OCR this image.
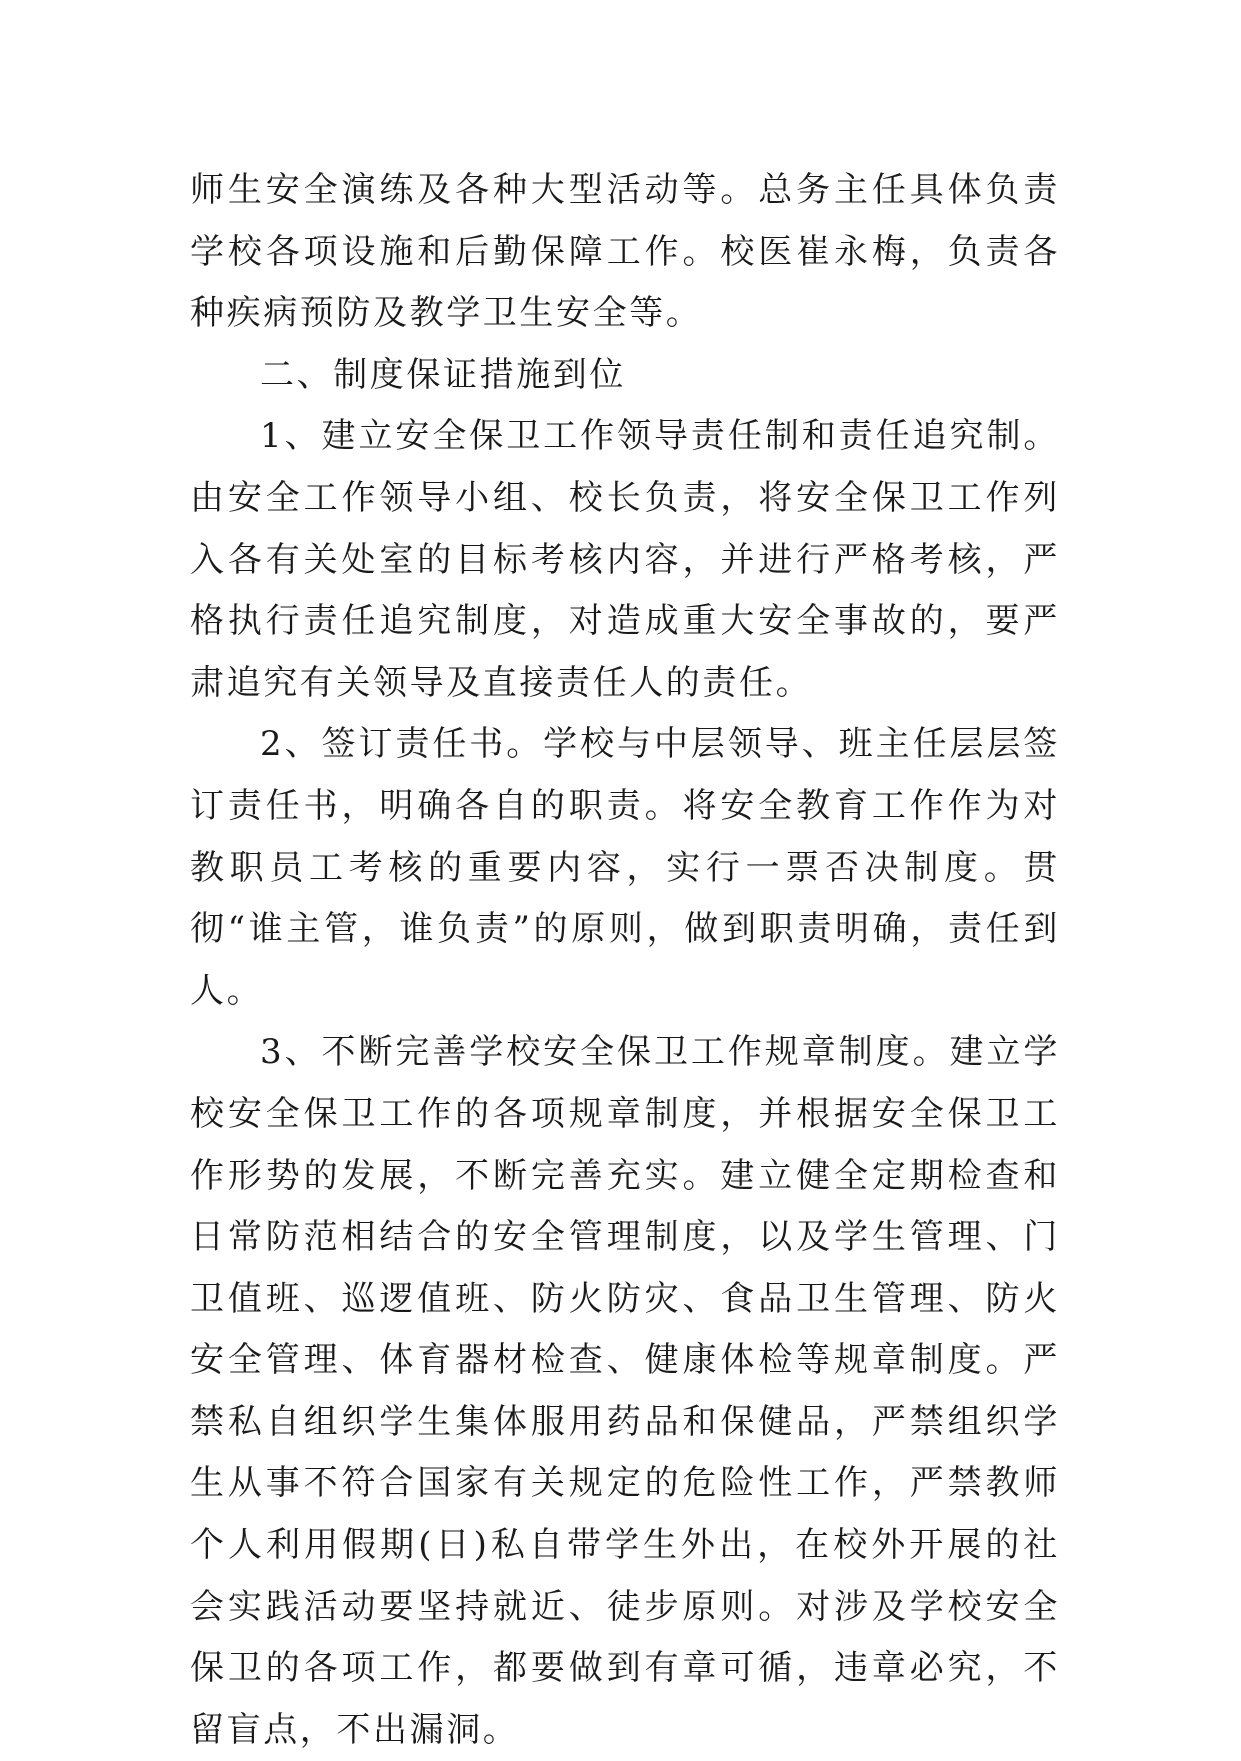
师生安全演练及各种大型活动等。总务主任具体负责学校各项设施和后勤保障工作。校医崔永梅，负责各种疾病预防及教学卫生安全等。

二、制度保证措施到位

1、建立安全保卫工作领导责任制和责任追究制。由安全工作领导小组、校长负责，将安全保卫工作列入各有关处室的目标考核内容，并进行严格考核，严格执行责任追究制度，对造成重大安全事故的，要严肃追究有关领导及直接责任人的责任。

2、签订责任书。学校与中层领导、班主任层层签订责任书，明确各自的职责。将安全教育工作作为对教职员工考核的重要内容，实行一票否决制度。贯彻“谁主管，谁负责”的原则，做到职责明确，责任到人。

3、不断完善学校安全保卫工作规章制度。建立学校安全保卫工作的各项规章制度，并根据安全保卫工作形势的发展，不断完善充实。建立健全定期检查和日常防范相结合的安全管理制度，以及学生管理、门卫值班、巡逻值班、防火防灾、食品卫生管理、防火安全管理、体育器材检查、健康体检等规章制度。严禁私自组织学生集体服用药品和保健品，严禁组织学生从事不符合国家有关规定的危险性工作，严禁教师个人利用假期(日)私自带学生外出，在校外开展的社会实践活动要坚持就近、徒步原则。对涉及学校安全保卫的各项工作，都要做到有章可循，违章必究，不留盲点，不出漏洞。
